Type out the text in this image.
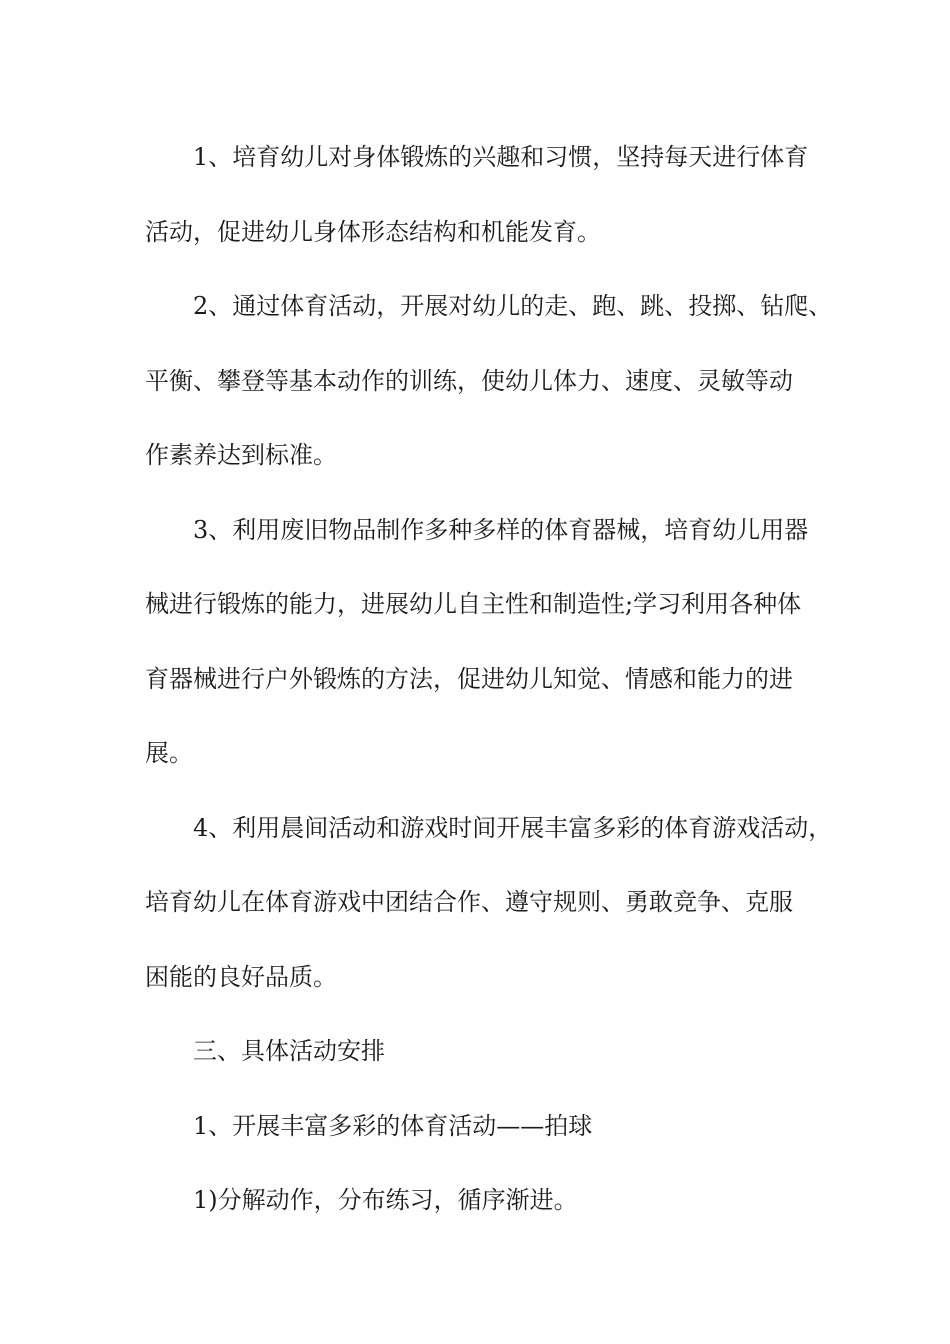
1、培育幼儿对身体锻炼的兴趣和习惯，坚持每天进行体育
活动，促进幼儿身体形态结构和机能发育。
2、通过体育活动，开展对幼儿的走、跑、跳、投掷、钻爬、
平衡、攀登等基本动作的训练，使幼儿体力、速度、灵敏等动
作素养达到标准。
3、利用废旧物品制作多种多样的体育器械，培育幼儿用器
械进行锻炼的能力，进展幼儿自主性和制造性;学习利用各种体
育器械进行户外锻炼的方法，促进幼儿知觉、情感和能力的进
展。
4、利用晨间活动和游戏时间开展丰富多彩的体育游戏活动，
培育幼儿在体育游戏中团结合作、遵守规则、勇敢竞争、克服
困能的良好品质。
三、具体活动安排
1、开展丰富多彩的体育活动——拍球
1)分解动作，分布练习，循序渐进。
